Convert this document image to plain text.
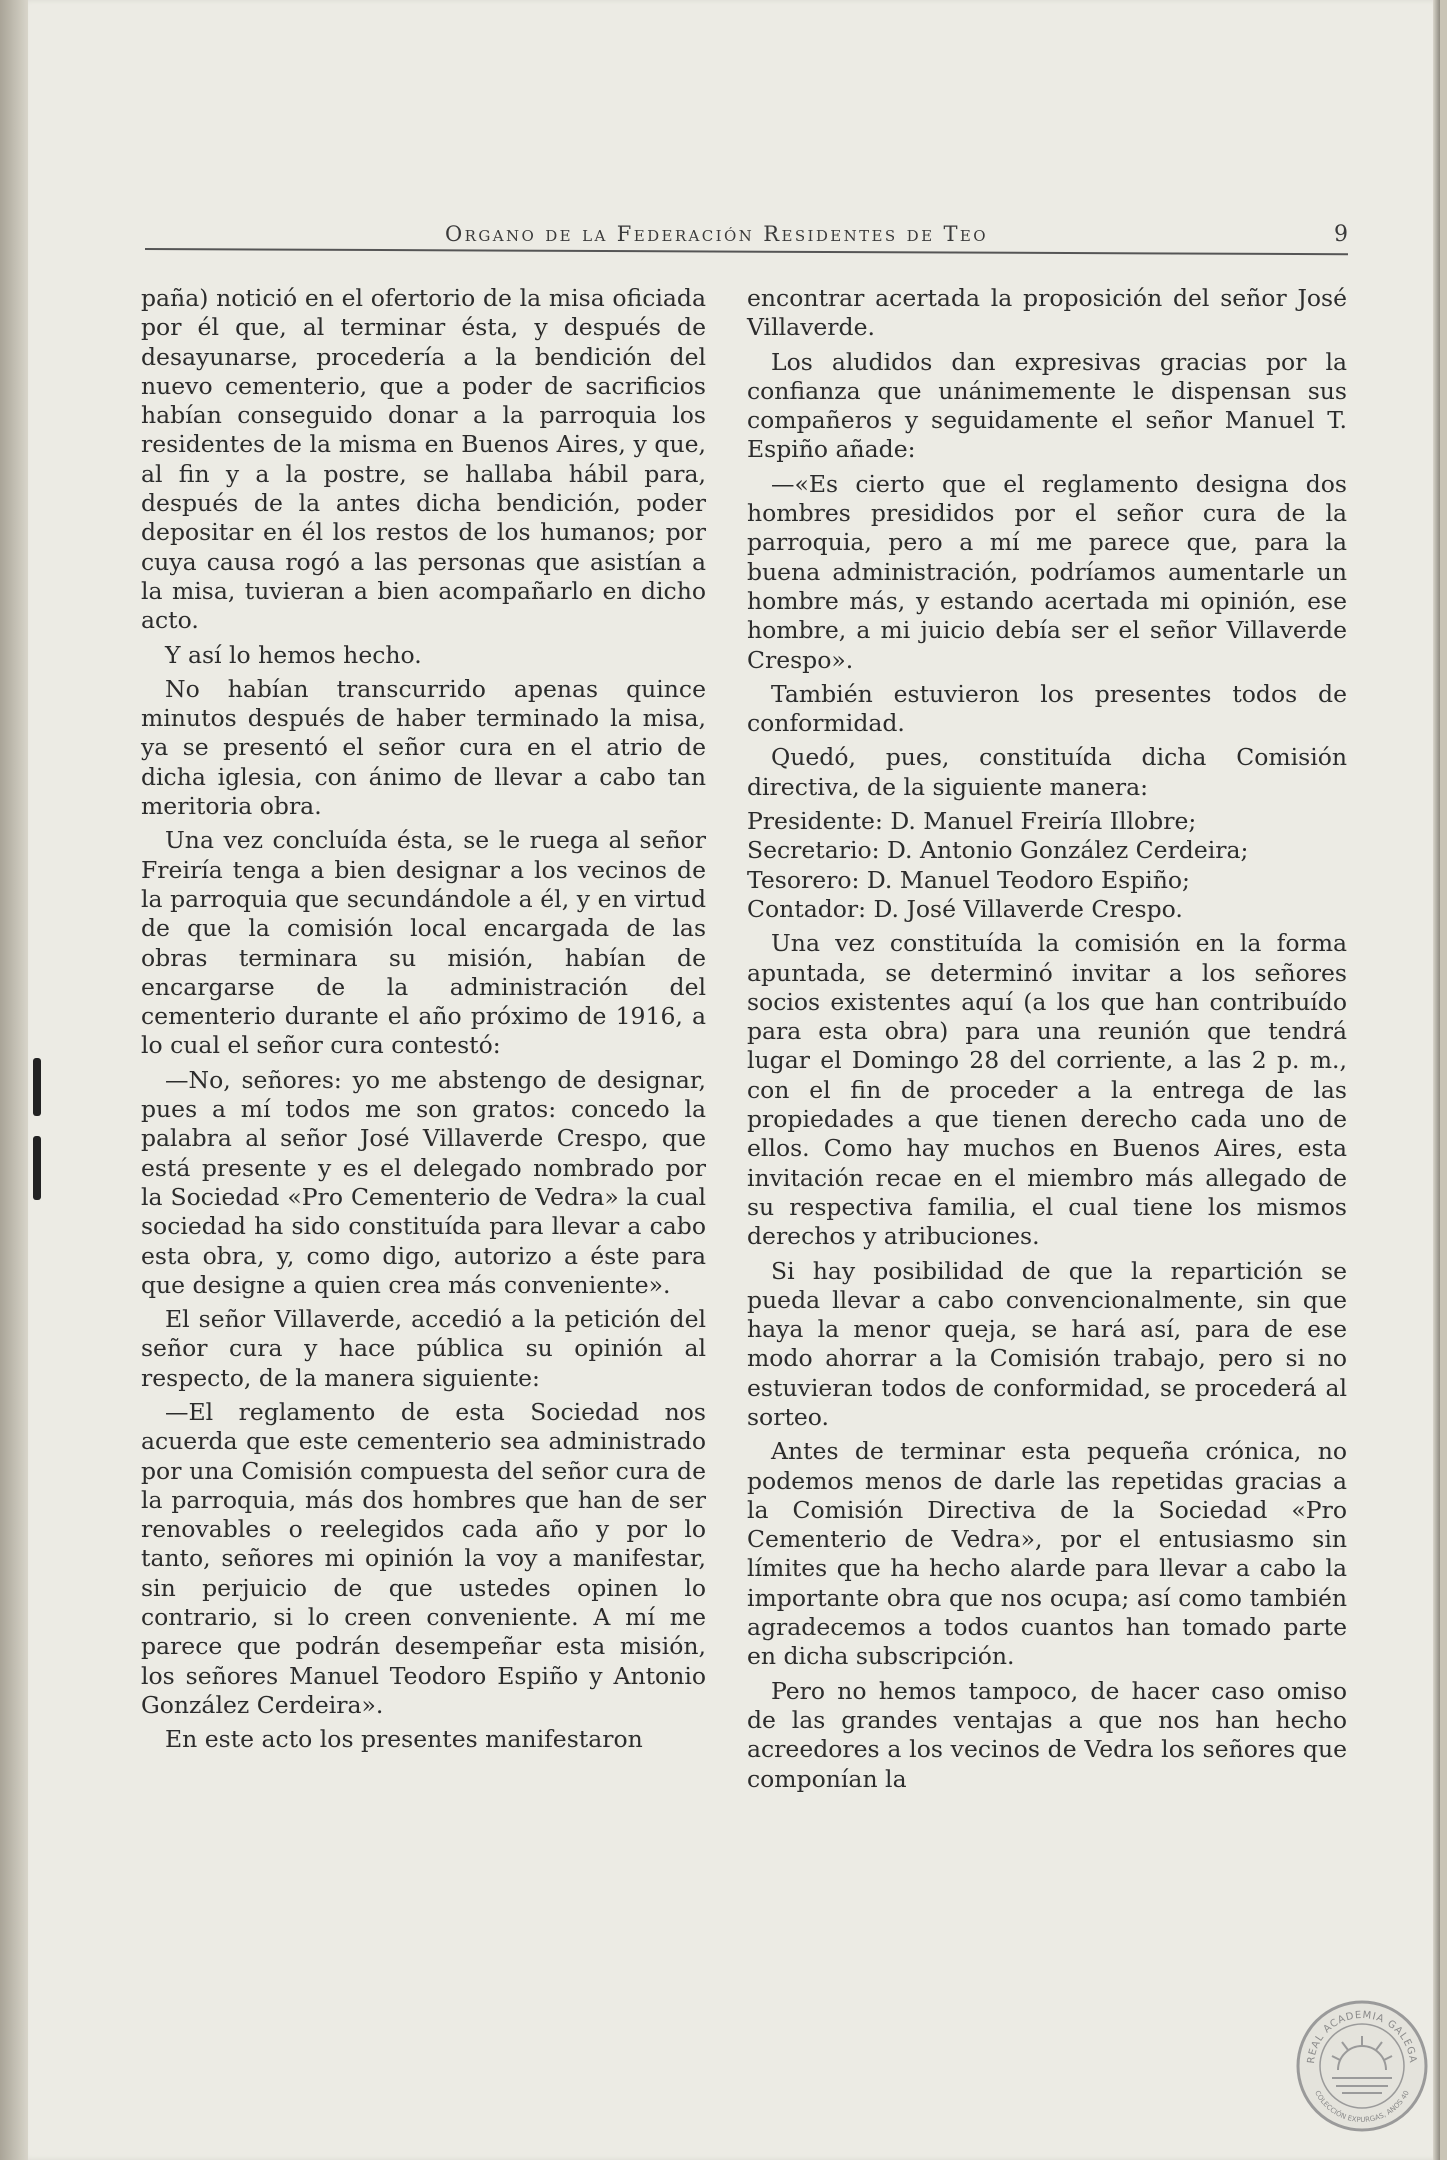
Organo de la Federación Residentes de Teo	9

paña) notició en el ofertorio de la misa oficiada por él que, al terminar ésta, y después de desayunarse, procedería a la bendición del nuevo cementerio, que a poder de sacrificios habían conseguido donar a la parroquia los residentes de la misma en Buenos Aires, y que, al fin y a la postre, se hallaba hábil para, después de la antes dicha bendición, poder depositar en él los restos de los humanos; por cuya causa rogó a las personas que asistían a la misa, tuvieran a bien acompañarlo en dicho acto.

Y así lo hemos hecho.

No habían transcurrido apenas quince minutos después de haber terminado la misa, ya se presentó el señor cura en el atrio de dicha iglesia, con ánimo de llevar a cabo tan meritoria obra.

Una vez concluída ésta, se le ruega al señor Freiría tenga a bien designar a los vecinos de la parroquia que secundándole a él, y en virtud de que la comisión local encargada de las obras terminara su misión, habían de encargarse de la administración del cementerio durante el año próximo de 1916, a lo cual el señor cura contestó:

—No, señores: yo me abstengo de designar, pues a mí todos me son gratos: concedo la palabra al señor José Villaverde Crespo, que está presente y es el delegado nombrado por la Sociedad «Pro Cementerio de Vedra» la cual sociedad ha sido constituída para llevar a cabo esta obra, y, como digo, autorizo a éste para que designe a quien crea más conveniente».

El señor Villaverde, accedió a la petición del señor cura y hace pública su opinión al respecto, de la manera siguiente:

—El reglamento de esta Sociedad nos acuerda que este cementerio sea administrado por una Comisión compuesta del señor cura de la parroquia, más dos hombres que han de ser renovables o reelegidos cada año y por lo tanto, señores mi opinión la voy a manifestar, sin perjuicio de que ustedes opinen lo contrario, si lo creen conveniente. A mí me parece que podrán desempeñar esta misión, los señores Manuel Teodoro Espiño y Antonio González Cerdeira».

En este acto los presentes manifestaron

encontrar acertada la proposición del señor José Villaverde.

Los aludidos dan expresivas gracias por la confianza que unánimemente le dispensan sus compañeros y seguidamente el señor Manuel T. Espiño añade:

—«Es cierto que el reglamento designa dos hombres presididos por el señor cura de la parroquia, pero a mí me parece que, para la buena administración, podríamos aumentarle un hombre más, y estando acertada mi opinión, ese hombre, a mi juicio debía ser el señor Villaverde Crespo».

También estuvieron los presentes todos de conformidad.

Quedó, pues, constituída dicha Comisión directiva, de la siguiente manera:

Presidente: D. Manuel Freiría Illobre;

Secretario: D. Antonio González Cerdeira;

Tesorero: D. Manuel Teodoro Espiño;

Contador: D. José Villaverde Crespo.

Una vez constituída la comisión en la forma apuntada, se determinó invitar a los señores socios existentes aquí (a los que han contribuído para esta obra) para una reunión que tendrá lugar el Domingo 28 del corriente, a las 2 p. m., con el fin de proceder a la entrega de las propiedades a que tienen derecho cada uno de ellos. Como hay muchos en Buenos Aires, esta invitación recae en el miembro más allegado de su respectiva familia, el cual tiene los mismos derechos y atribuciones.

Si hay posibilidad de que la repartición se pueda llevar a cabo convencionalmente, sin que haya la menor queja, se hará así, para de ese modo ahorrar a la Comisión trabajo, pero si no estuvieran todos de conformidad, se procederá al sorteo.

Antes de terminar esta pequeña crónica, no podemos menos de darle las repetidas gracias a la Comisión Directiva de la Sociedad «Pro Cementerio de Vedra», por el entusiasmo sin límites que ha hecho alarde para llevar a cabo la importante obra que nos ocupa; así como también agradecemos a todos cuantos han tomado parte en dicha subscripción.

Pero no hemos tampoco, de hacer caso omiso de las grandes ventajas a que nos han hecho acreedores a los vecinos de Vedra los señores que componían la

REAL ACADEMIA GALEGA
COLECCIÓN EXPURGAS, ANOS 40
